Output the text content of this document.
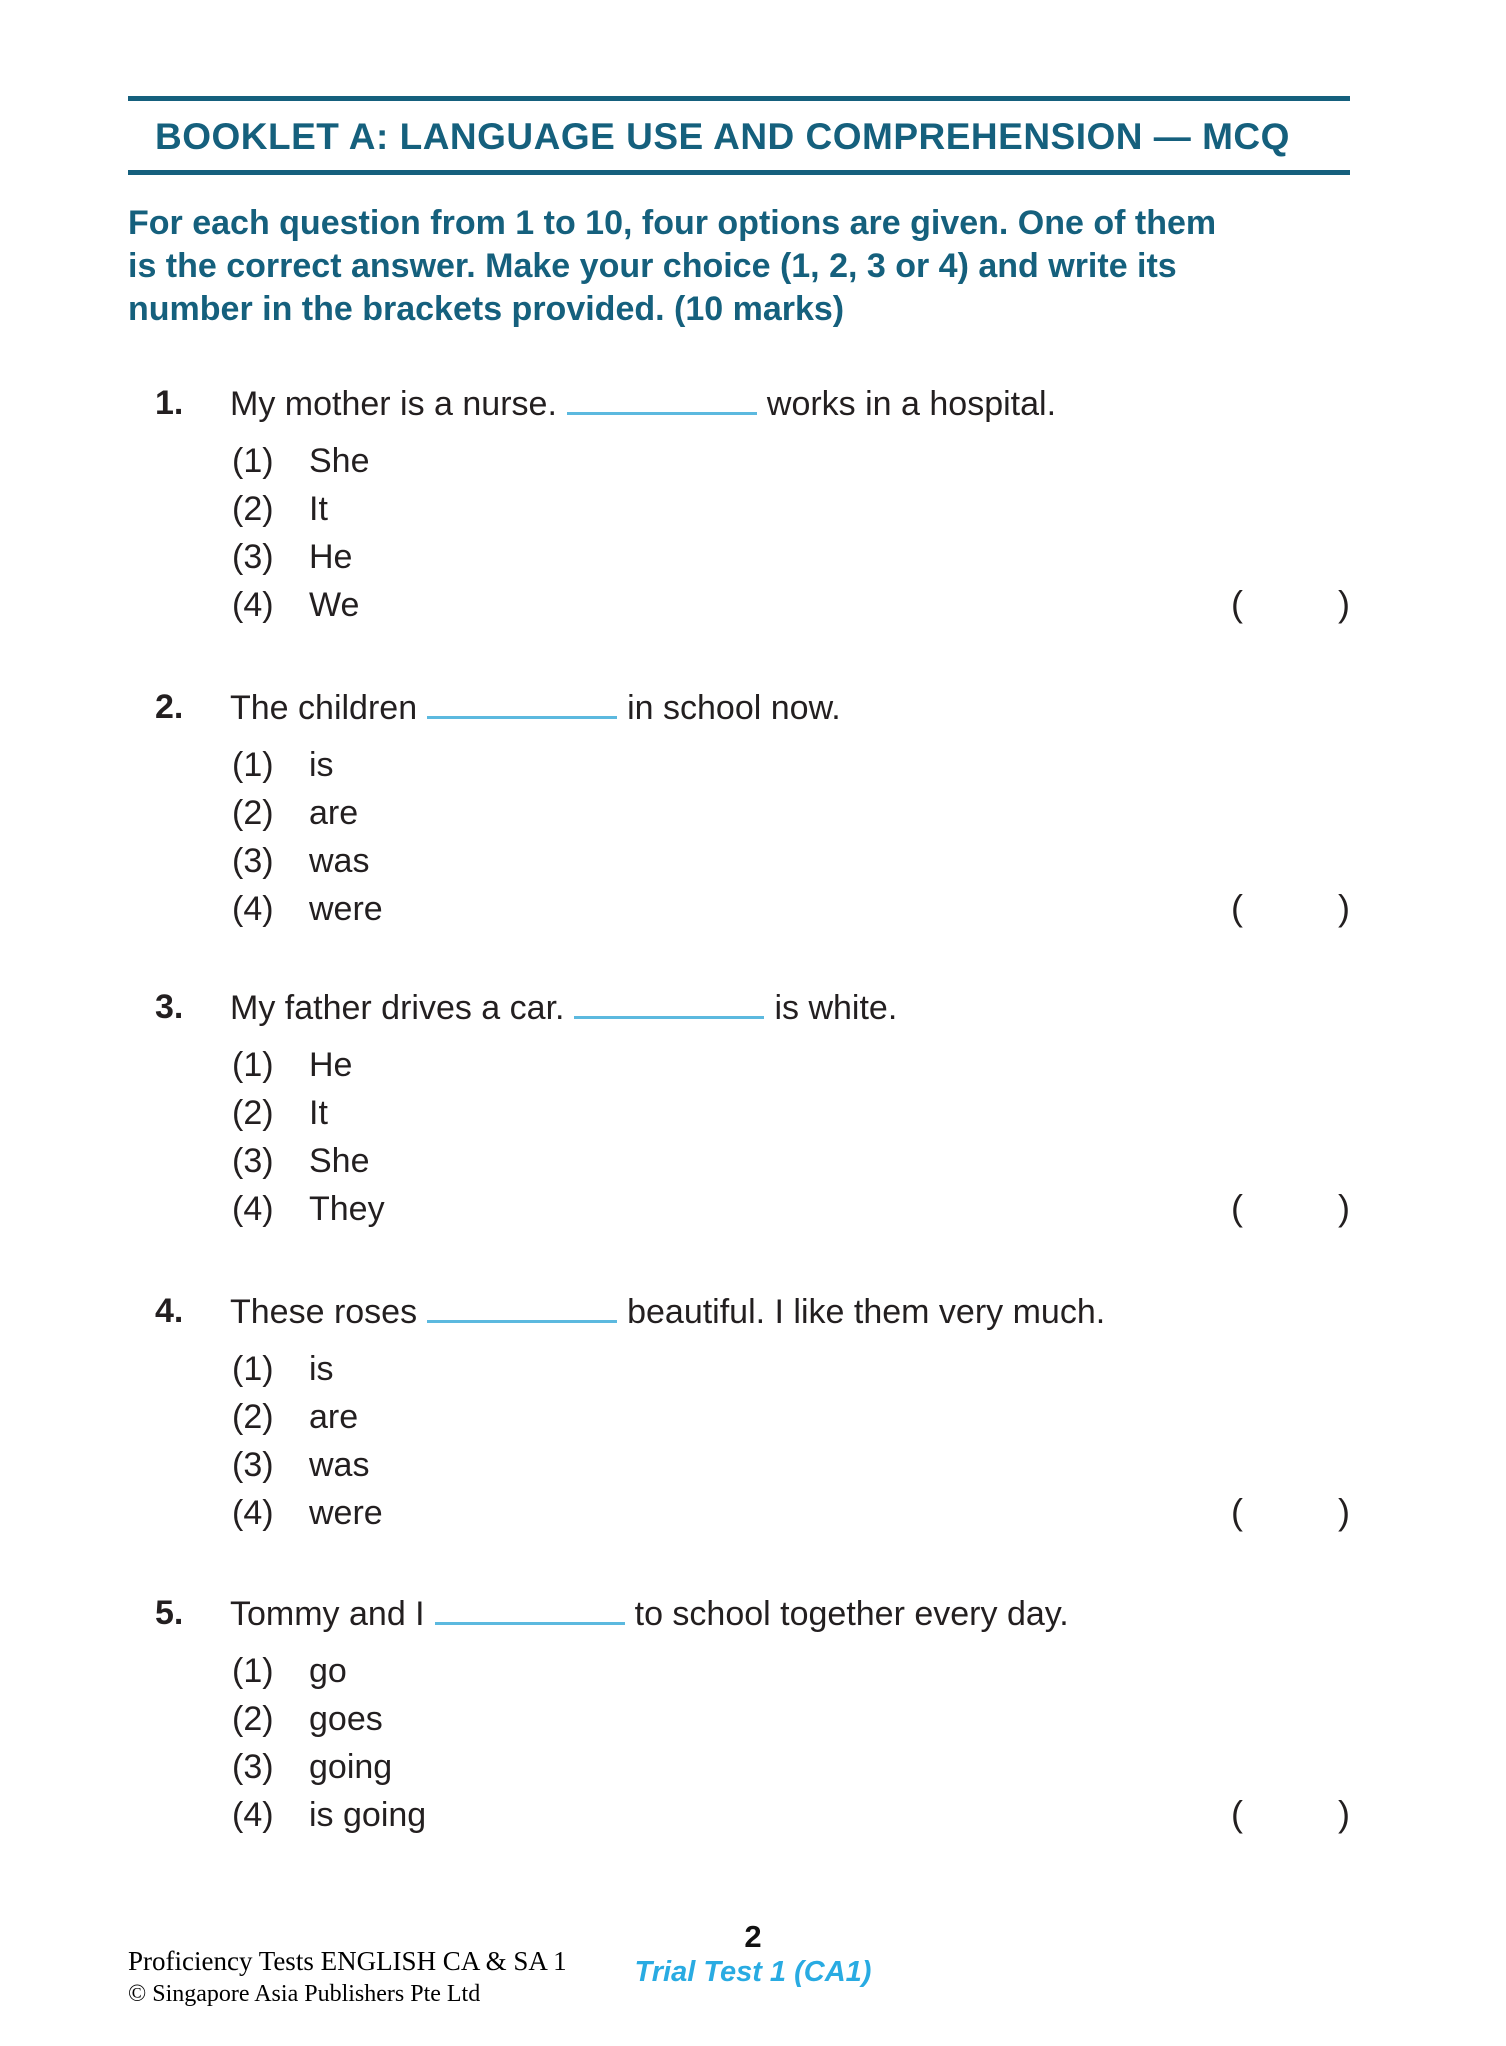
BOOKLET A: LANGUAGE USE AND COMPREHENSION — MCQ
For each question from 1 to 10, four options are given. One of them
is the correct answer. Make your choice (1, 2, 3 or 4) and write its
number in the brackets provided. (10 marks)
1.	My mother is a nurse.	works in a hospital.
(1)	She
(2)	It
(3)	He
(4)	We	(	)
2.	The children	in school now.
(1)	is
(2)	are
(3)	was
(4)	were	(	)
3.	My father drives a car.	is white.
(1)	He
(2)	It
(3)	She
(4)	They	(	)
4.	These roses	beautiful. I like them very much.
(1)	is
(2)	are
(3)	was
(4)	were	(	)
5.	Tommy and I	to school together every day.
(1)	go
(2)	goes
(3)	going
(4)	is going	(	)
Proficiency Tests ENGLISH CA & SA 1
© Singapore Asia Publishers Pte Ltd
2
Trial Test 1 (CA1)
